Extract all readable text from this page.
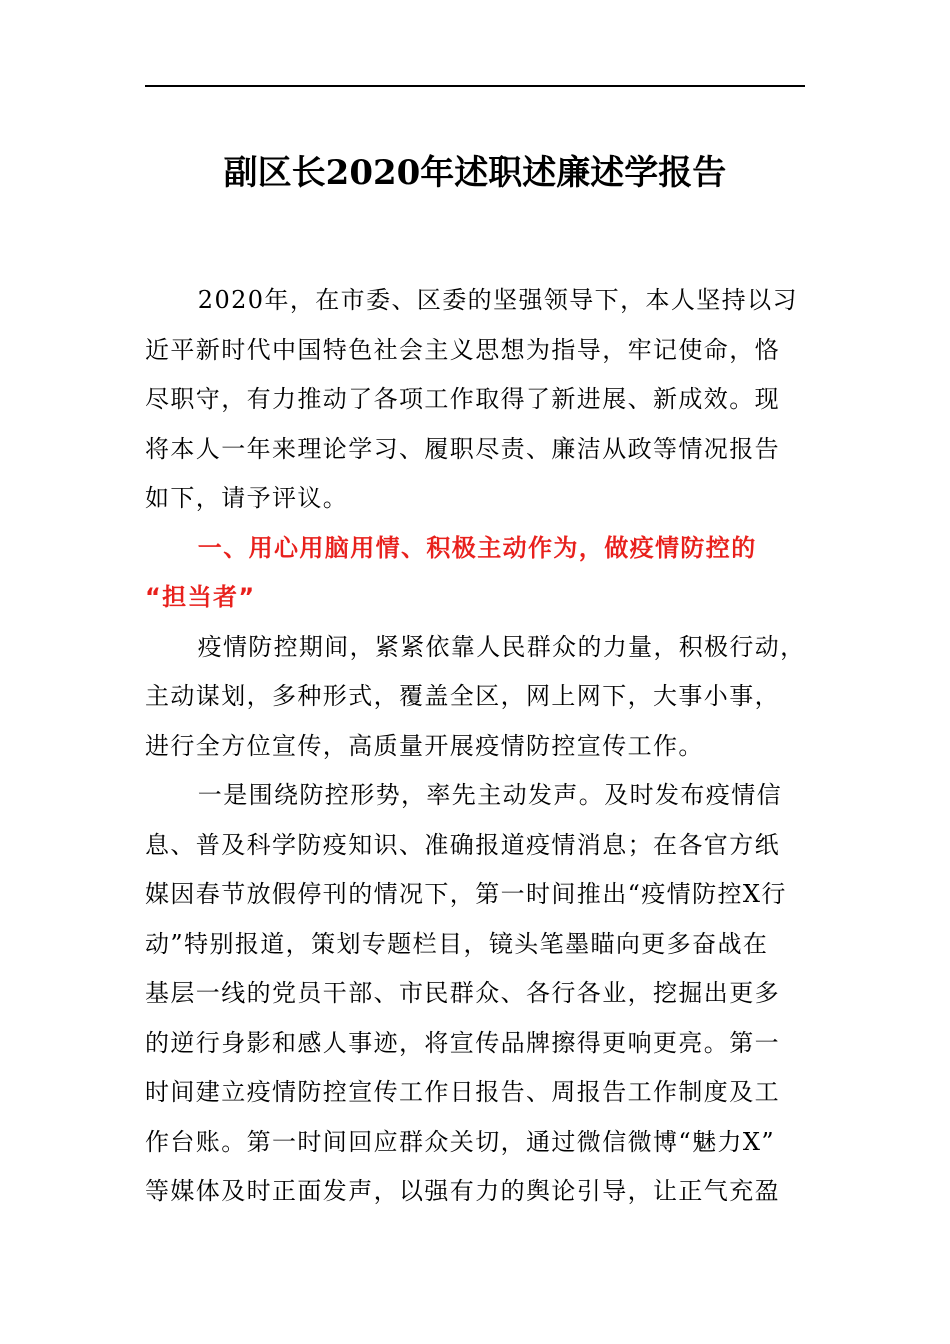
副区长2020年述职述廉述学报告
2020年，在市委、区委的坚强领导下，本人坚持以习
近平新时代中国特色社会主义思想为指导，牢记使命，恪
尽职守，有力推动了各项工作取得了新进展、新成效。现
将本人一年来理论学习、履职尽责、廉洁从政等情况报告
如下，请予评议。
一、用心用脑用情、积极主动作为，做疫情防控的
“担当者”
疫情防控期间，紧紧依靠人民群众的力量，积极行动，
主动谋划，多种形式，覆盖全区，网上网下，大事小事，
进行全方位宣传，高质量开展疫情防控宣传工作。
一是围绕防控形势，率先主动发声。及时发布疫情信
息、普及科学防疫知识、准确报道疫情消息；在各官方纸
媒因春节放假停刊的情况下，第一时间推出“疫情防控X行
动”特别报道，策划专题栏目，镜头笔墨瞄向更多奋战在
基层一线的党员干部、市民群众、各行各业，挖掘出更多
的逆行身影和感人事迹，将宣传品牌擦得更响更亮。第一
时间建立疫情防控宣传工作日报告、周报告工作制度及工
作台账。第一时间回应群众关切，通过微信微博“魅力X”
等媒体及时正面发声，以强有力的舆论引导，让正气充盈
